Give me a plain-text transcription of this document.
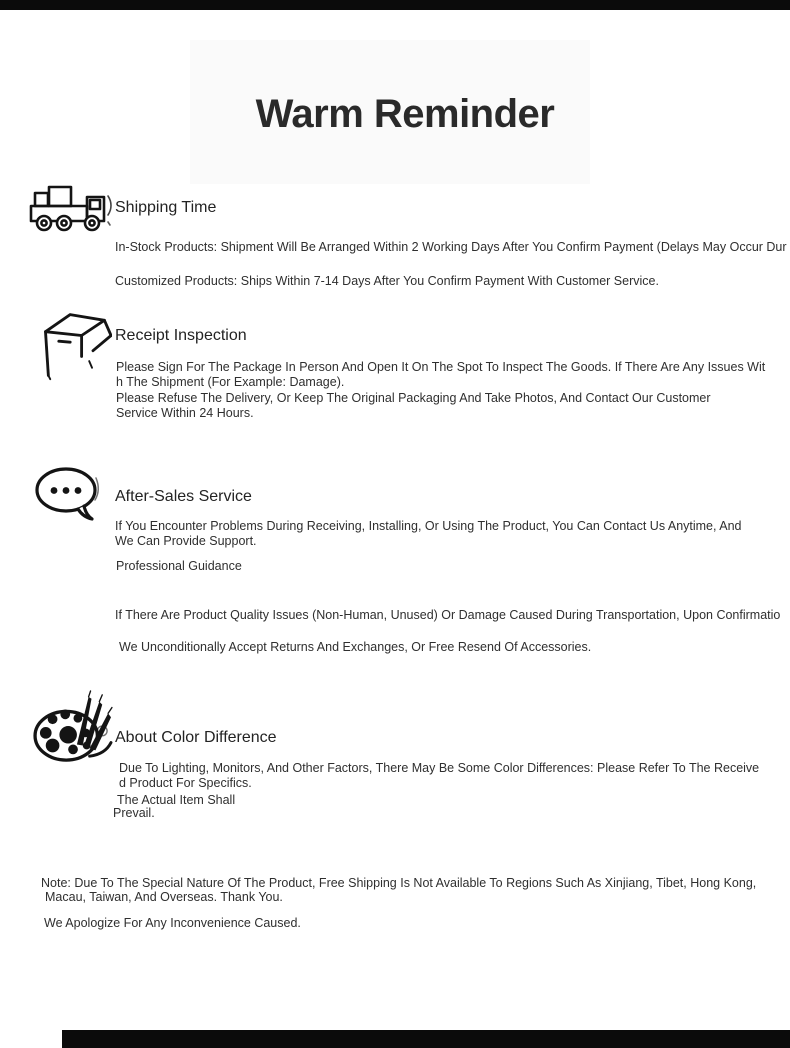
Warm Reminder
Shipping Time
In-Stock Products: Shipment Will Be Arranged Within 2 Working Days After You Confirm Payment (Delays May Occur Dur
Customized Products: Ships Within 7-14 Days After You Confirm Payment With Customer Service.
Receipt Inspection
Please Sign For The Package In Person And Open It On The Spot To Inspect The Goods. If There Are Any Issues Wit
h The Shipment (For Example: Damage).
Please Refuse The Delivery, Or Keep The Original Packaging And Take Photos, And Contact Our Customer
Service Within 24 Hours.
After-Sales Service
If You Encounter Problems During Receiving, Installing, Or Using The Product, You Can Contact Us Anytime, And
We Can Provide Support.
Professional Guidance
If There Are Product Quality Issues (Non-Human, Unused) Or Damage Caused During Transportation, Upon Confirmatio
We Unconditionally Accept Returns And Exchanges, Or Free Resend Of Accessories.
About Color Difference
Due To Lighting, Monitors, And Other Factors, There May Be Some Color Differences: Please Refer To The Receive
d Product For Specifics.
The Actual Item Shall
Prevail.
Note: Due To The Special Nature Of The Product, Free Shipping Is Not Available To Regions Such As Xinjiang, Tibet, Hong Kong,
Macau, Taiwan, And Overseas. Thank You.
We Apologize For Any Inconvenience Caused.
